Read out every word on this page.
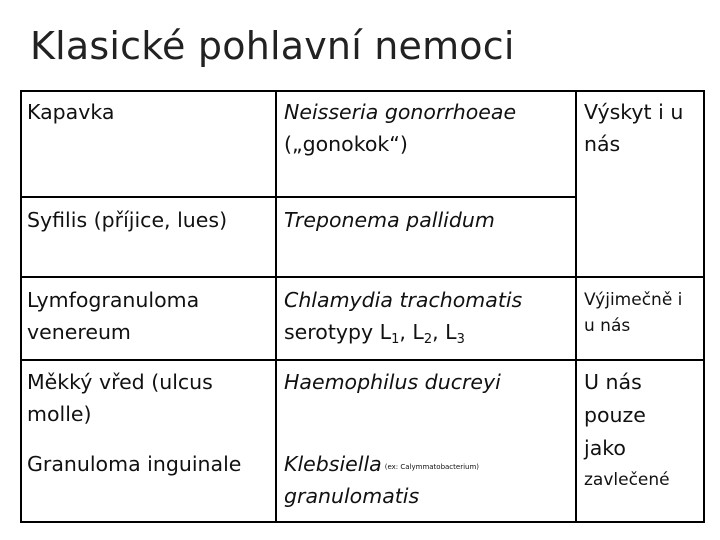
Klasické pohlavní nemoci
Kapavka	Neisseria gonorrhoeae
(„gonokok“)
Výskyt i u
nás
Syfilis (příjice, lues)	Treponema pallidum
Lymfogranuloma
venereum
Chlamydia trachomatis
serotypy $L_1$, $L_2$, $L_3$
Výjimečně i
u nás
Měkký vřed (ulcus
molle)
Haemophilus ducreyi
Granuloma inguinale Klebsiella (ex: Calymmatobacterium)
granulomatis
U nás
pouze
jako
zavlečené
